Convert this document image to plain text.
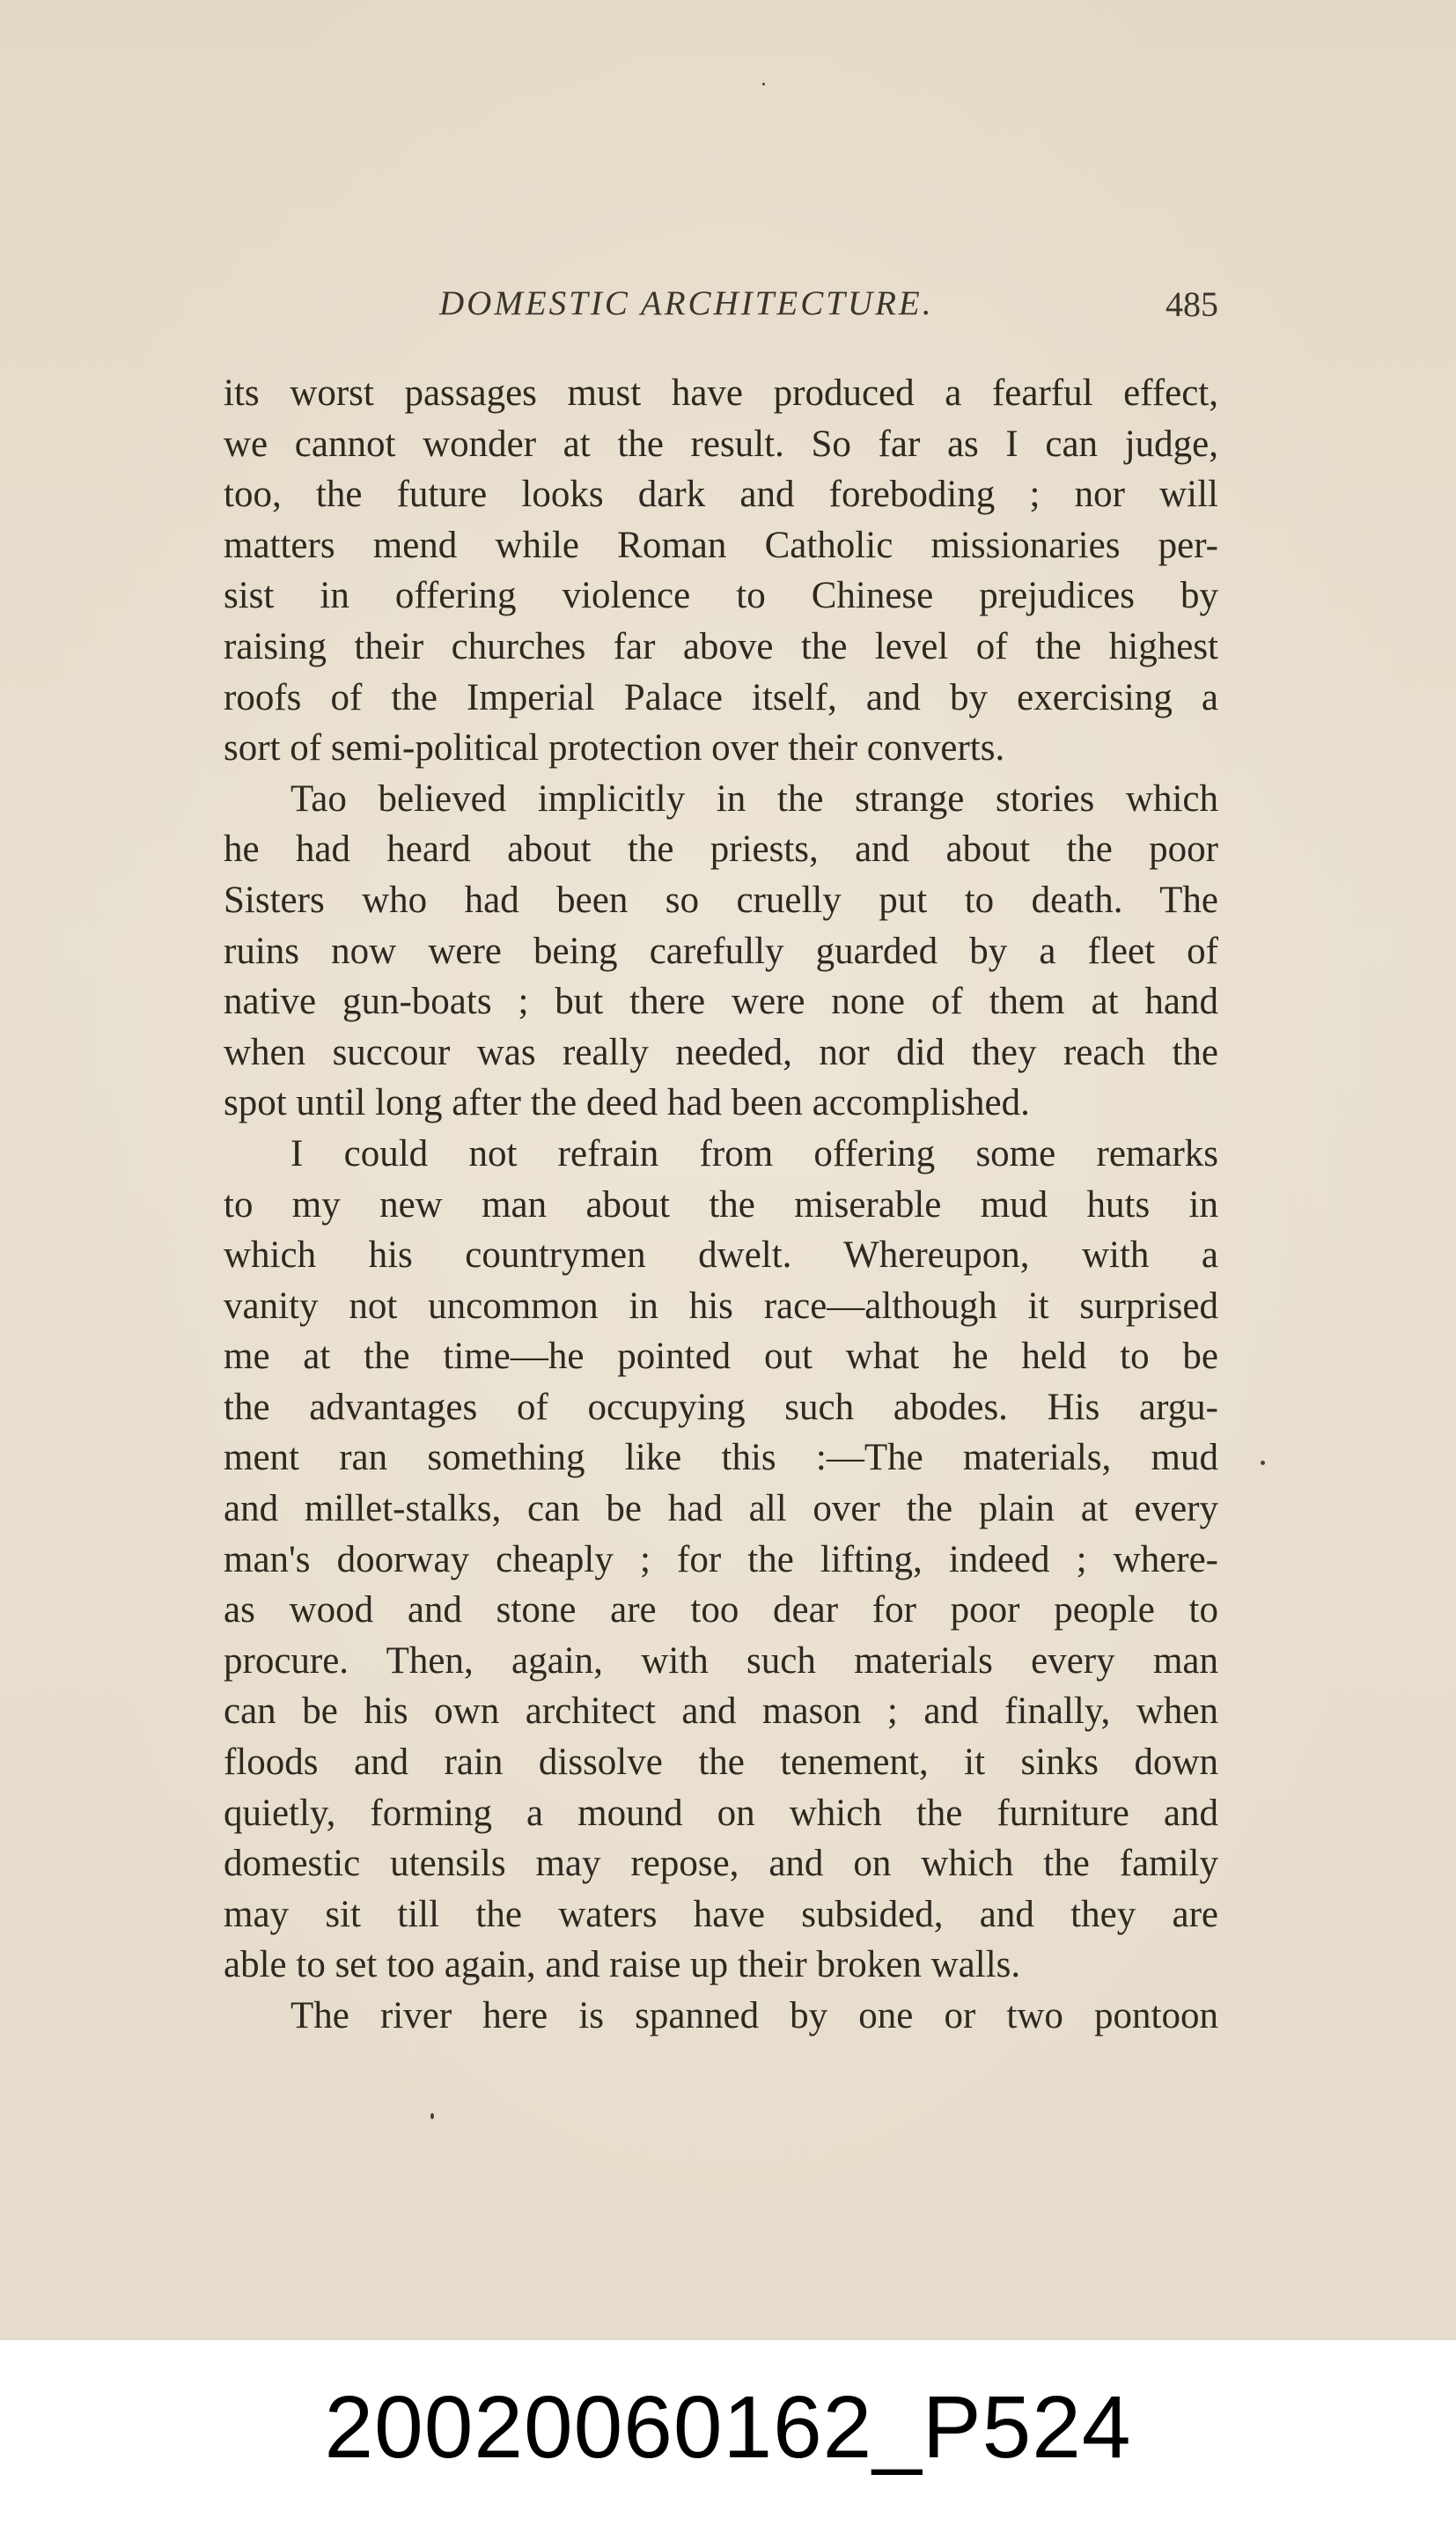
DOMESTIC ARCHITECTURE.	485
its worst passages must have produced a fearful effect,
we cannot wonder at the result. So far as I can judge,
too, the future looks dark and foreboding ; nor will
matters mend while Roman Catholic missionaries per-
sist in offering violence to Chinese prejudices by
raising their churches far above the level of the highest
roofs of the Imperial Palace itself, and by exercising a
sort of semi-political protection over their converts.
Tao believed implicitly in the strange stories which
he had heard about the priests, and about the poor
Sisters who had been so cruelly put to death. The
ruins now were being carefully guarded by a fleet of
native gun-boats ; but there were none of them at hand
when succour was really needed, nor did they reach the
spot until long after the deed had been accomplished.
I could not refrain from offering some remarks
to my new man about the miserable mud huts in
which his countrymen dwelt. Whereupon, with a
vanity not uncommon in his race—although it surprised
me at the time—he pointed out what he held to be
the advantages of occupying such abodes. His argu-
ment ran something like this :—The materials, mud
and millet-stalks, can be had all over the plain at every
man's doorway cheaply ; for the lifting, indeed ; where-
as wood and stone are too dear for poor people to
procure. Then, again, with such materials every man
can be his own architect and mason ; and finally, when
floods and rain dissolve the tenement, it sinks down
quietly, forming a mound on which the furniture and
domestic utensils may repose, and on which the family
may sit till the waters have subsided, and they are
able to set too again, and raise up their broken walls.
The river here is spanned by one or two pontoon
20020060162_P524
